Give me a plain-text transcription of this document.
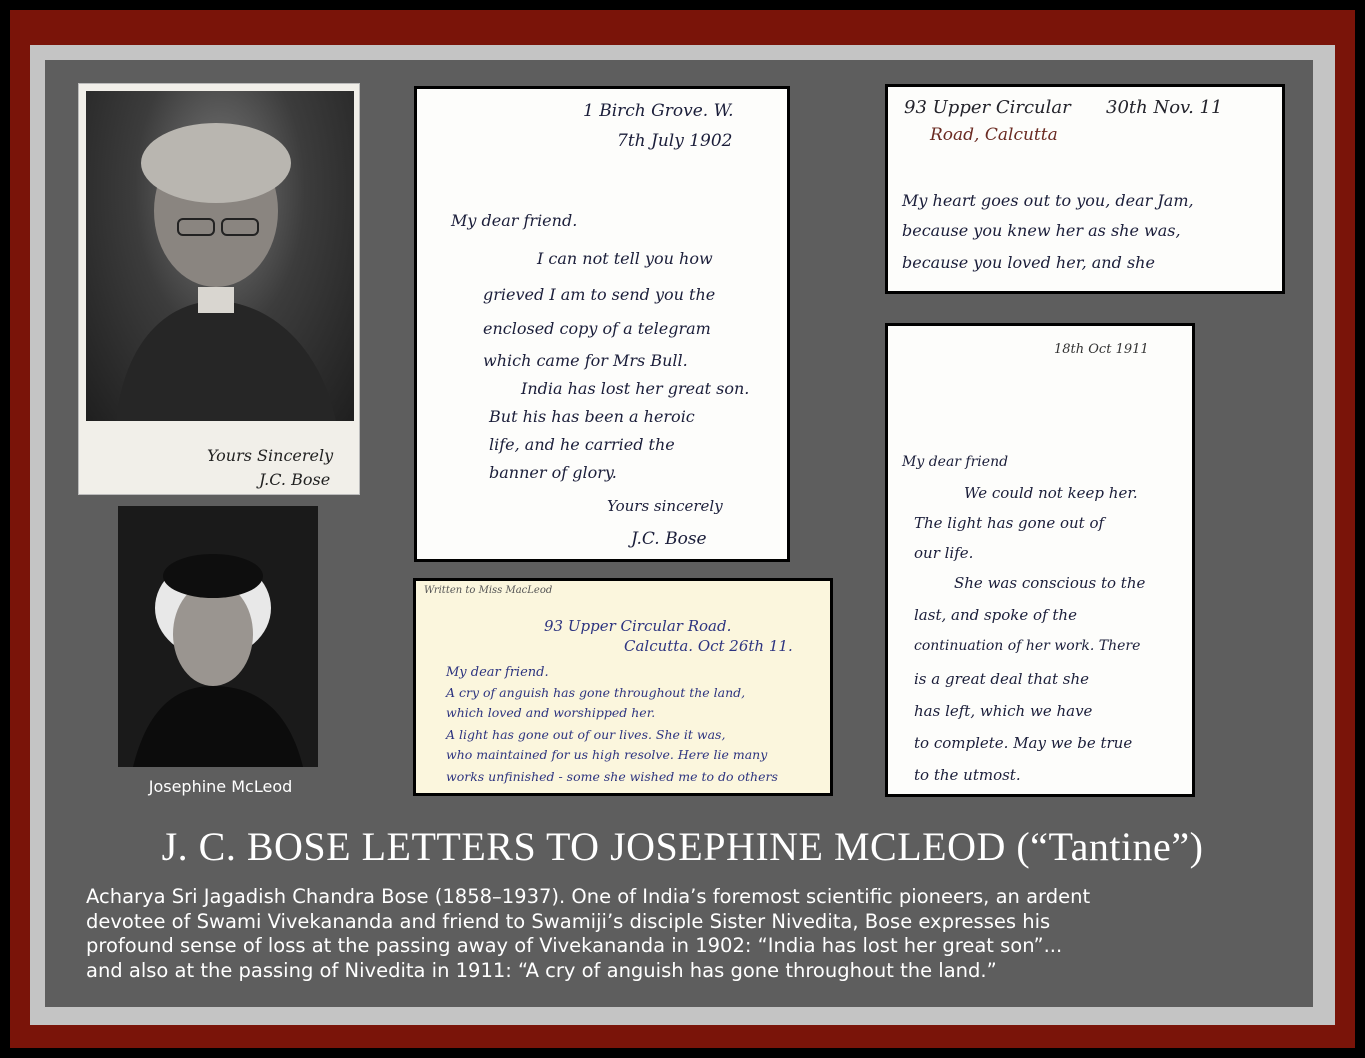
Yours Sincerely
J.C. Bose
Josephine McLeod
1 Birch Grove. W.
7th July 1902
My dear friend.
I can not tell you how
grieved I am to send you the
enclosed copy of a telegram
which came for Mrs Bull.
India has lost her great son.
But his has been a heroic
life, and he carried the
banner of glory.
Yours sincerely
J.C. Bose
93 Upper Circular 30th Nov. 11
Road, Calcutta
My heart goes out to you, dear Jam,
because you knew her as she was,
because you loved her, and she
Written to Miss MacLeod
93 Upper Circular Road.
Calcutta. Oct 26th 11.
My dear friend.
A cry of anguish has gone throughout the land,
which loved and worshipped her.
A light has gone out of our lives. She it was,
who maintained for us high resolve. Here lie many
works unfinished - some she wished me to do others
18th Oct 1911
My dear friend
We could not keep her.
The light has gone out of
our life.
She was conscious to the
last, and spoke of the
continuation of her work. There
is a great deal that she
has left, which we have
to complete. May we be true
to the utmost.
J. C. BOSE LETTERS TO JOSEPHINE MCLEOD (“Tantine”)

Acharya Sri Jagadish Chandra Bose (1858–1937). One of India’s foremost scientific pioneers, an ardent

devotee of Swami Vivekananda and friend to Swamiji’s disciple Sister Nivedita, Bose expresses his

profound sense of loss at the passing away of Vivekananda in 1902: “India has lost her great son”...

and also at the passing of Nivedita in 1911: “A cry of anguish has gone throughout the land.”
